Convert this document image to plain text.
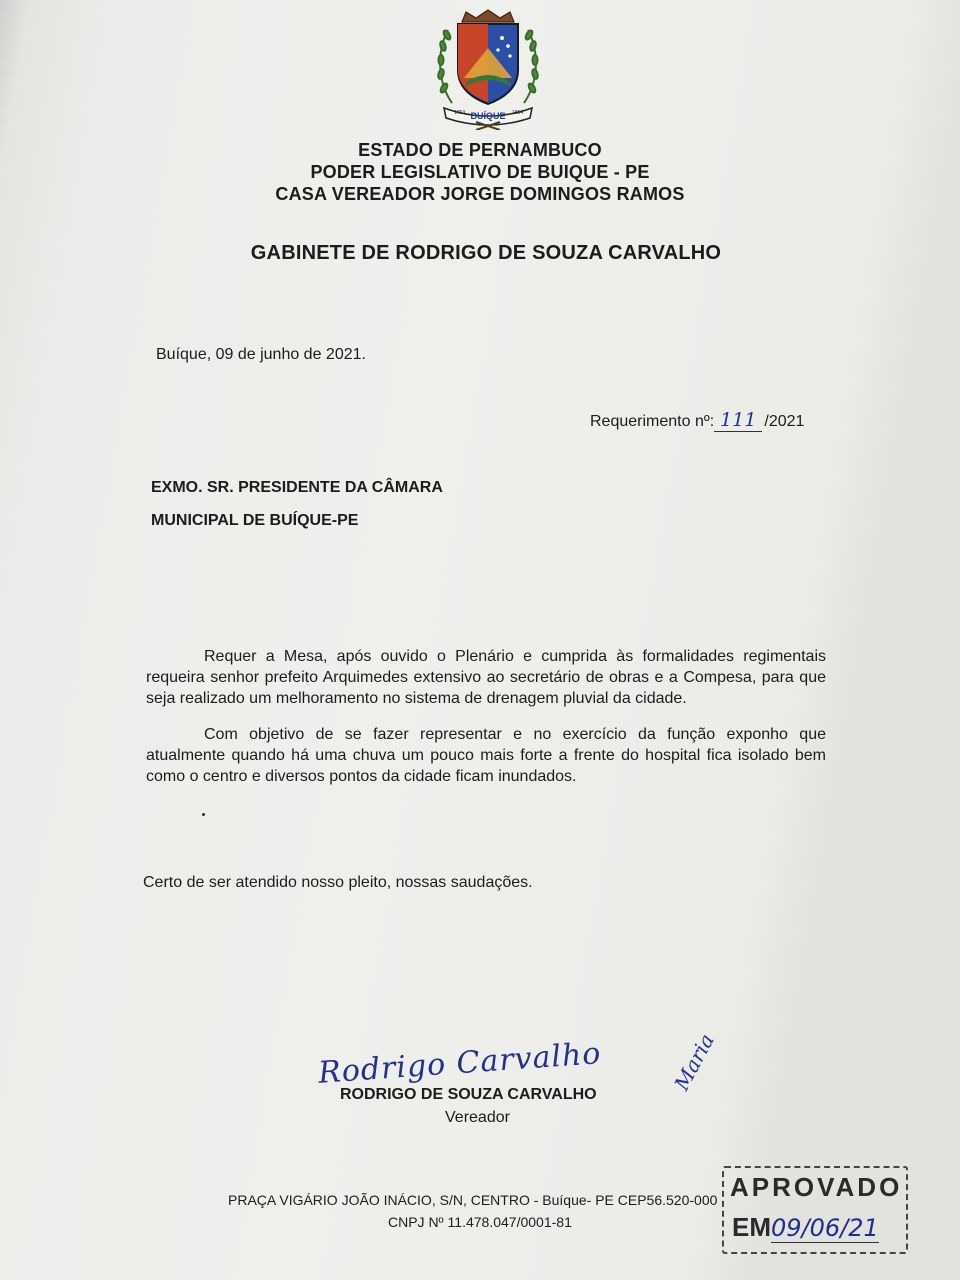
BUÍQUE
1753	1854
ESTADO DE PERNAMBUCO
PODER LEGISLATIVO DE BUIQUE - PE
CASA VEREADOR JORGE DOMINGOS RAMOS
GABINETE DE RODRIGO DE SOUZA CARVALHO
Buíque, 09 de junho de 2021.
Requerimento nº: 111 /2021
EXMO. SR. PRESIDENTE DA CÂMARA
MUNICIPAL DE BUÍQUE-PE
Requer a Mesa, após ouvido o Plenário e cumprida às formalidades regimentais requeira senhor prefeito Arquimedes extensivo ao secretário de obras e a Compesa, para que seja realizado um melhoramento no sistema de drenagem pluvial da cidade.
Com objetivo de se fazer representar e no exercício da função exponho que atualmente quando há uma chuva um pouco mais forte a frente do hospital fica isolado bem como o centro e diversos pontos da cidade ficam inundados.
Certo de ser atendido nosso pleito, nossas saudações.
Rodrigo Carvalho	Maria
RODRIGO DE SOUZA CARVALHO
Vereador
PRAÇA VIGÁRIO JOÃO INÁCIO, S/N, CENTRO - Buíque- PE CEP56.520-000
CNPJ Nº 11.478.047/0001-81
APROVADO
EM09/06/21
